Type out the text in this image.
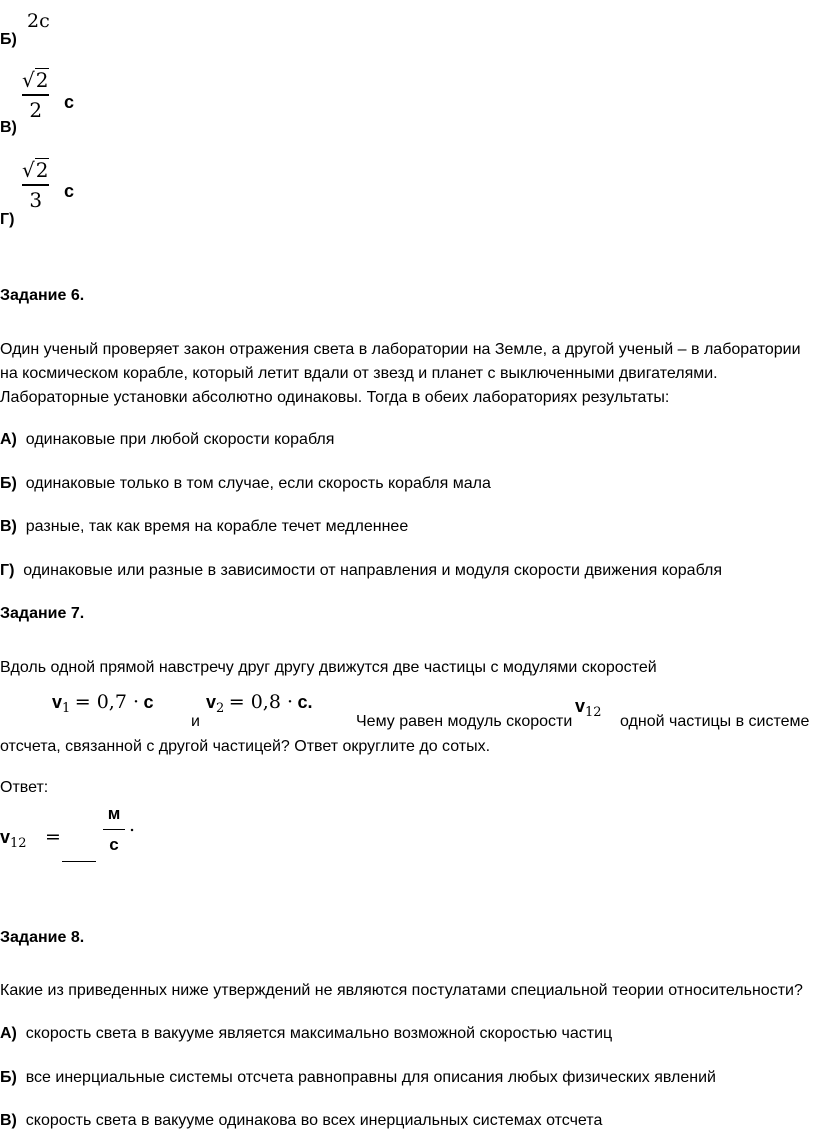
2c
Б)
√ 2
2 с
В)
√ 2
3 с
Г)
Задание 6.
Один ученый проверяет закон отражения света в лаборатории на Земле, а другой ученый – в лаборатории
на космическом корабле, который летит вдали от звезд и планет с выключенными двигателями.
Лабораторные установки абсолютно одинаковы. Тогда в обеих лабораториях результаты:
А) одинаковые при любой скорости корабля
Б) одинаковые только в том случае, если скорость корабля мала
В) разные, так как время на корабле течет медленнее
Г) одинаковые или разные в зависимости от направления и модуля скорости движения корабля
Задание 7.
Вдоль одной прямой навстречу друг другу движутся две частицы с модулями скоростей
$v_1 = 0,7 \cdot с$
и
$v_2 = 0,8 \cdot с$.
Чему равен модуль скорости
$v_{12}$
одной частицы в системе
отсчета, связанной с другой частицей? Ответ округлите до сотых.
Ответ:
$v_{12}$ =
м
с
.
Задание 8.
Какие из приведенных ниже утверждений не являются постулатами специальной теории относительности?
А) скорость света в вакууме является максимально возможной скоростью частиц
Б) все инерциальные системы отсчета равноправны для описания любых физических явлений
В) скорость света в вакууме одинакова во всех инерциальных системах отсчета
